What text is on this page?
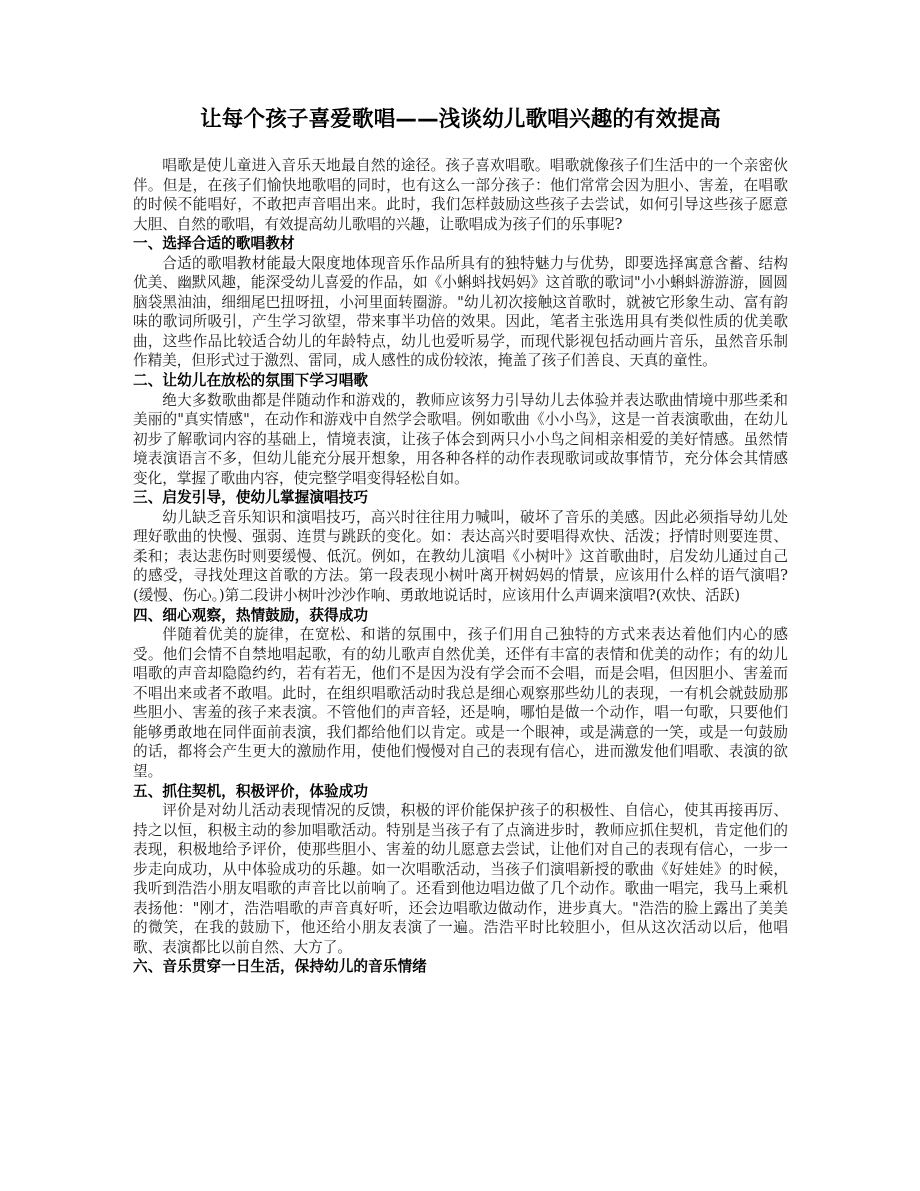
让每个孩子喜爱歌唱——浅谈幼儿歌唱兴趣的有效提高

唱歌是使儿童进入音乐天地最自然的途径。孩子喜欢唱歌。唱歌就像孩子们生活中的一个亲密伙伴。但是，在孩子们愉快地歌唱的同时，也有这么一部分孩子：他们常常会因为胆小、害羞，在唱歌的时候不能唱好，不敢把声音唱出来。此时，我们怎样鼓励这些孩子去尝试，如何引导这些孩子愿意大胆、自然的歌唱，有效提高幼儿歌唱的兴趣，让歌唱成为孩子们的乐事呢?

一、选择合适的歌唱教材

合适的歌唱教材能最大限度地体现音乐作品所具有的独特魅力与优势，即要选择寓意含蓄、结构优美、幽默风趣，能深受幼儿喜爱的作品，如《小蝌蚪找妈妈》这首歌的歌词"小小蝌蚪游游游，圆圆脑袋黑油油，细细尾巴扭呀扭，小河里面转圈游。"幼儿初次接触这首歌时，就被它形象生动、富有韵味的歌词所吸引，产生学习欲望，带来事半功倍的效果。因此，笔者主张选用具有类似性质的优美歌曲，这些作品比较适合幼儿的年龄特点，幼儿也爱听易学，而现代影视包括动画片音乐，虽然音乐制作精美，但形式过于激烈、雷同，成人感性的成份较浓，掩盖了孩子们善良、天真的童性。

二、让幼儿在放松的氛围下学习唱歌

绝大多数歌曲都是伴随动作和游戏的，教师应该努力引导幼儿去体验并表达歌曲情境中那些柔和美丽的"真实情感"，在动作和游戏中自然学会歌唱。例如歌曲《小小鸟》，这是一首表演歌曲，在幼儿初步了解歌词内容的基础上，情境表演，让孩子体会到两只小小鸟之间相亲相爱的美好情感。虽然情境表演语言不多，但幼儿能充分展开想象，用各种各样的动作表现歌词或故事情节，充分体会其情感变化，掌握了歌曲内容，使完整学唱变得轻松自如。

三、启发引导，使幼儿掌握演唱技巧

幼儿缺乏音乐知识和演唱技巧，高兴时往往用力喊叫，破坏了音乐的美感。因此必须指导幼儿处理好歌曲的快慢、强弱、连贯与跳跃的变化。如：表达高兴时要唱得欢快、活泼；抒情时则要连贯、柔和；表达悲伤时则要缓慢、低沉。例如，在教幼儿演唱《小树叶》这首歌曲时，启发幼儿通过自己的感受，寻找处理这首歌的方法。第一段表现小树叶离开树妈妈的情景，应该用什么样的语气演唱?(缓慢、伤心。)第二段讲小树叶沙沙作响、勇敢地说话时，应该用什么声调来演唱?(欢快、活跃)

四、细心观察，热情鼓励，获得成功

伴随着优美的旋律，在宽松、和谐的氛围中，孩子们用自己独特的方式来表达着他们内心的感受。他们会情不自禁地唱起歌，有的幼儿歌声自然优美，还伴有丰富的表情和优美的动作；有的幼儿唱歌的声音却隐隐约约，若有若无，他们不是因为没有学会而不会唱，而是会唱，但因胆小、害羞而不唱出来或者不敢唱。此时，在组织唱歌活动时我总是细心观察那些幼儿的表现，一有机会就鼓励那些胆小、害羞的孩子来表演。不管他们的声音轻，还是响，哪怕是做一个动作，唱一句歌，只要他们能够勇敢地在同伴面前表演，我们都给他们以肯定。或是一个眼神，或是满意的一笑，或是一句鼓励的话，都将会产生更大的激励作用，使他们慢慢对自己的表现有信心，进而激发他们唱歌、表演的欲望。

五、抓住契机，积极评价，体验成功

评价是对幼儿活动表现情况的反馈，积极的评价能保护孩子的积极性、自信心，使其再接再厉、持之以恒，积极主动的参加唱歌活动。特别是当孩子有了点滴进步时，教师应抓住契机，肯定他们的表现，积极地给予评价，使那些胆小、害羞的幼儿愿意去尝试，让他们对自己的表现有信心，一步一步走向成功，从中体验成功的乐趣。如一次唱歌活动，当孩子们演唱新授的歌曲《好娃娃》的时候，我听到浩浩小朋友唱歌的声音比以前响了。还看到他边唱边做了几个动作。歌曲一唱完，我马上乘机表扬他："刚才，浩浩唱歌的声音真好听，还会边唱歌边做动作，进步真大。"浩浩的脸上露出了美美的微笑，在我的鼓励下，他还给小朋友表演了一遍。浩浩平时比较胆小，但从这次活动以后，他唱歌、表演都比以前自然、大方了。

六、音乐贯穿一日生活，保持幼儿的音乐情绪
